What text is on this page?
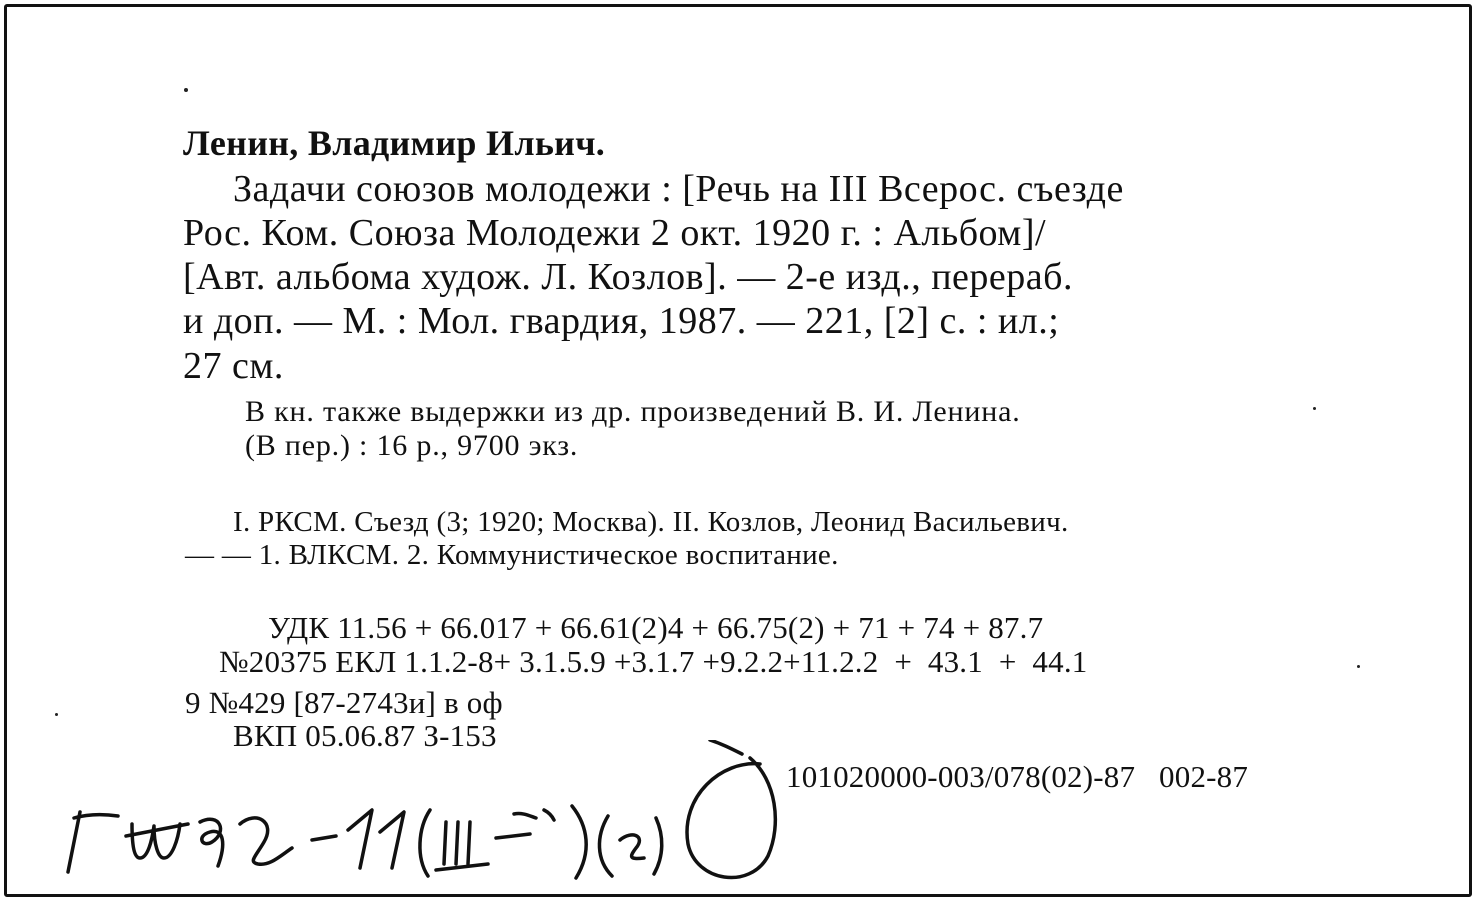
Ленин, Владимир Ильич.
Задачи союзов молодежи : [Речь на III Всерос. съезде
Рос. Ком. Союза Молодежи 2 окт. 1920 г. : Альбом]/
[Авт. альбома худож. Л. Козлов]. — 2-е изд., перераб.
и доп. — М. : Мол. гвардия, 1987. — 221, [2] с. : ил.;
27 см.
В кн. также выдержки из др. произведений В. И. Ленина.
(В пер.) : 16 р., 9700 экз.
I. РКСМ. Съезд (3; 1920; Москва). II. Козлов, Леонид Васильевич.
— — 1. ВЛКСМ. 2. Коммунистическое воспитание.
УДК 11.56 + 66.017 + 66.61(2)4 + 66.75(2) + 71 + 74 + 87.7
№20375 ЕКЛ 1.1.2-8+ 3.1.5.9 +3.1.7 +9.2.2+11.2.2  +  43.1  +  44.1
9 №429 [87-2743и] в оф
ВКП 05.06.87 З-153
101020000-003/078(02)-87   002-87
